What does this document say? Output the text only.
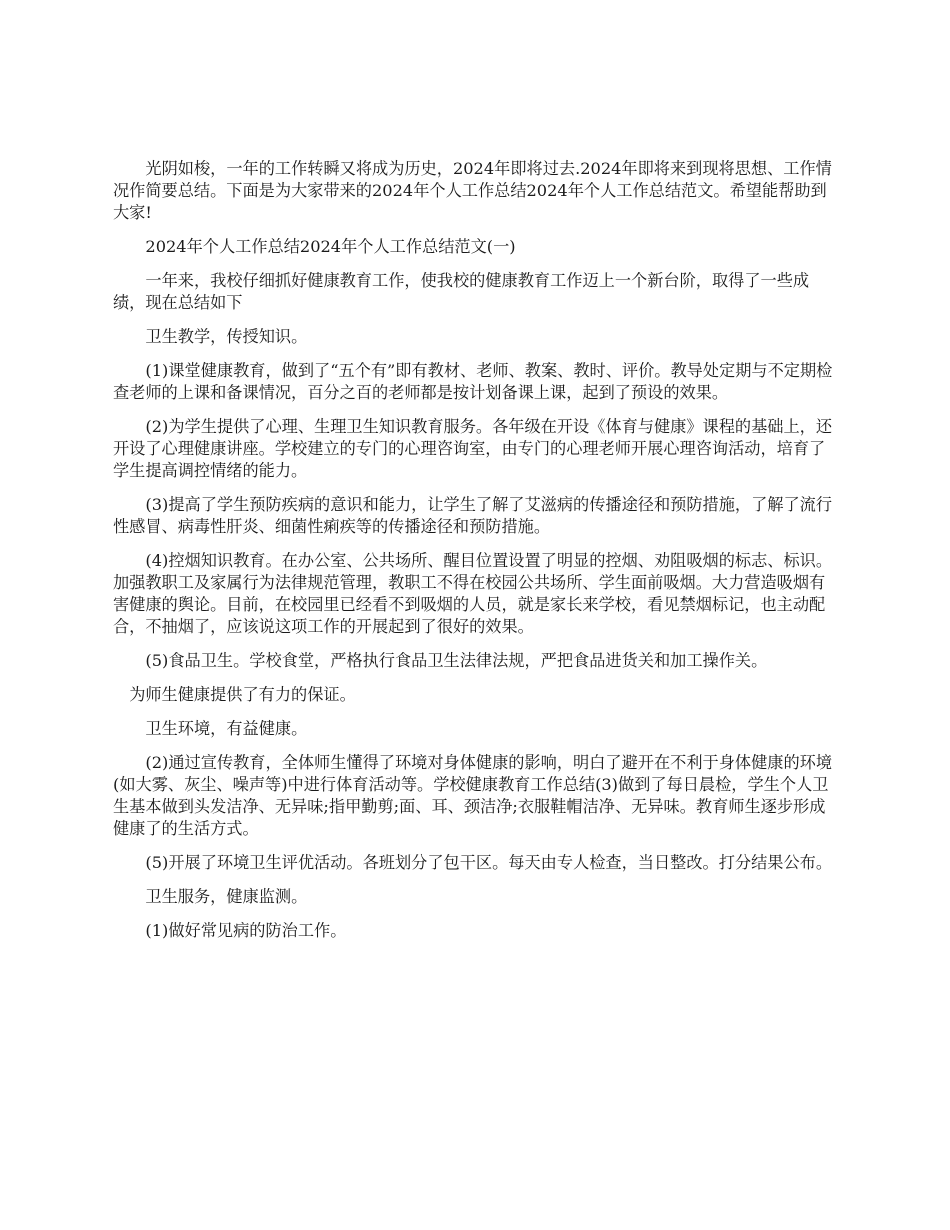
光阴如梭，一年的工作转瞬又将成为历史，2024年即将过去.2024年即将来到现将思想、工作情况作简要总结。下面是为大家带来的2024年个人工作总结2024年个人工作总结范文。希望能帮助到大家!

2024年个人工作总结2024年个人工作总结范文(一)

一年来，我校仔细抓好健康教育工作，使我校的健康教育工作迈上一个新台阶，取得了一些成绩，现在总结如下

卫生教学，传授知识。

(1)课堂健康教育，做到了“五个有”即有教材、老师、教案、教时、评价。教导处定期与不定期检查老师的上课和备课情况，百分之百的老师都是按计划备课上课，起到了预设的效果。

(2)为学生提供了心理、生理卫生知识教育服务。各年级在开设《体育与健康》课程的基础上，还开设了心理健康讲座。学校建立的专门的心理咨询室，由专门的心理老师开展心理咨询活动，培育了学生提高调控情绪的能力。

(3)提高了学生预防疾病的意识和能力，让学生了解了艾滋病的传播途径和预防措施，了解了流行性感冒、病毒性肝炎、细菌性痢疾等的传播途径和预防措施。

(4)控烟知识教育。在办公室、公共场所、醒目位置设置了明显的控烟、劝阻吸烟的标志、标识。加强教职工及家属行为法律规范管理，教职工不得在校园公共场所、学生面前吸烟。大力营造吸烟有害健康的舆论。目前，在校园里已经看不到吸烟的人员，就是家长来学校，看见禁烟标记，也主动配合，不抽烟了，应该说这项工作的开展起到了很好的效果。

(5)食品卫生。学校食堂，严格执行食品卫生法律法规，严把食品进货关和加工操作关。

为师生健康提供了有力的保证。

卫生环境，有益健康。

(2)通过宣传教育，全体师生懂得了环境对身体健康的影响，明白了避开在不利于身体健康的环境(如大雾、灰尘、噪声等)中进行体育活动等。学校健康教育工作总结(3)做到了每日晨检，学生个人卫生基本做到头发洁净、无异味;指甲勤剪;面、耳、颈洁净;衣服鞋帽洁净、无异味。教育师生逐步形成健康了的生活方式。

(5)开展了环境卫生评优活动。各班划分了包干区。每天由专人检查，当日整改。打分结果公布。

卫生服务，健康监测。

(1)做好常见病的防治工作。
